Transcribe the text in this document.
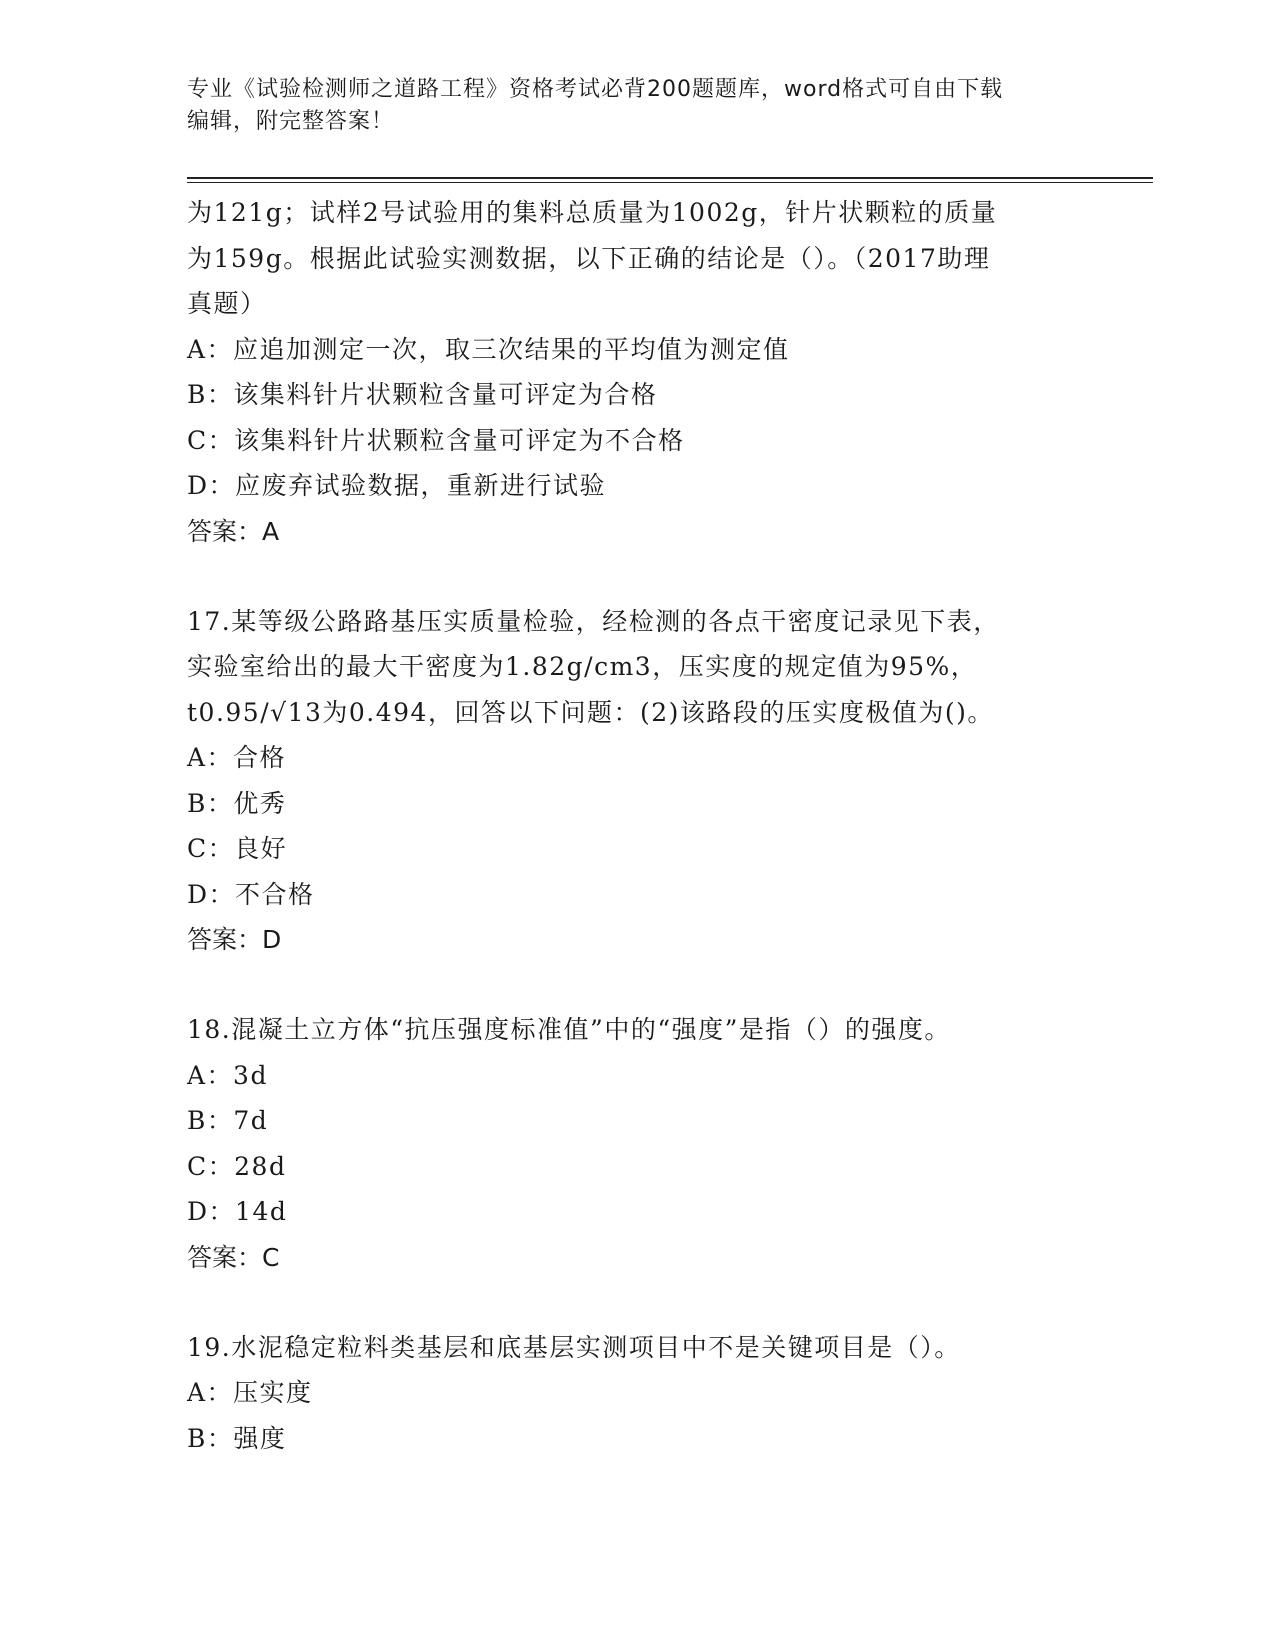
专业《试验检测师之道路工程》资格考试必背200题题库，word格式可自由下载
编辑，附完整答案！
为121g；试样2号试验用的集料总质量为1002g，针片状颗粒的质量
为159g。根据此试验实测数据，以下正确的结论是（）。（2017助理
真题）
A：应追加测定一次，取三次结果的平均值为测定值
B：该集料针片状颗粒含量可评定为合格
C：该集料针片状颗粒含量可评定为不合格
D：应废弃试验数据，重新进行试验
答案：A
17.某等级公路路基压实质量检验，经检测的各点干密度记录见下表，
实验室给出的最大干密度为1.82g/cm3，压实度的规定值为95%，
t0.95/√13为0.494，回答以下问题：(2)该路段的压实度极值为()。
A：合格
B：优秀
C：良好
D：不合格
答案：D
18.混凝土立方体“抗压强度标准值”中的“强度”是指（）的强度。
A：3d
B：7d
C：28d
D：14d
答案：C
19.水泥稳定粒料类基层和底基层实测项目中不是关键项目是（）。
A：压实度
B：强度
